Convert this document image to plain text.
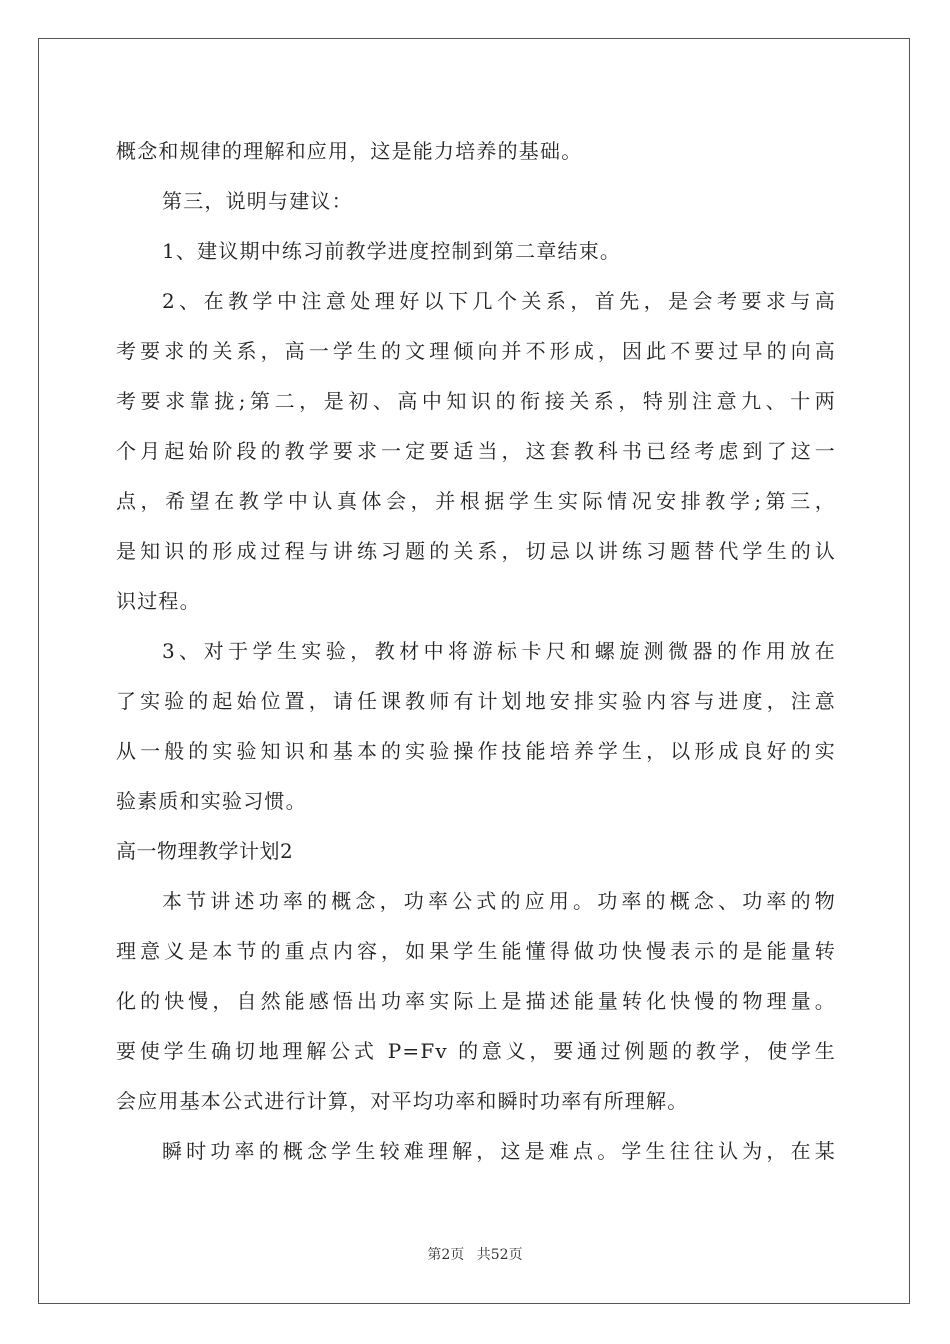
概念和规律的理解和应用，这是能力培养的基础。
第三，说明与建议：
1、建议期中练习前教学进度控制到第二章结束。
2、在教学中注意处理好以下几个关系，首先，是会考要求与高
考要求的关系，高一学生的文理倾向并不形成，因此不要过早的向高
考要求靠拢;第二，是初、高中知识的衔接关系，特别注意九、十两
个月起始阶段的教学要求一定要适当，这套教科书已经考虑到了这一
点，希望在教学中认真体会，并根据学生实际情况安排教学;第三，
是知识的形成过程与讲练习题的关系，切忌以讲练习题替代学生的认
识过程。
3、对于学生实验，教材中将游标卡尺和螺旋测微器的作用放在
了实验的起始位置，请任课教师有计划地安排实验内容与进度，注意
从一般的实验知识和基本的实验操作技能培养学生，以形成良好的实
验素质和实验习惯。
高一物理教学计划2
本节讲述功率的概念，功率公式的应用。功率的概念、功率的物
理意义是本节的重点内容，如果学生能懂得做功快慢表示的是能量转
化的快慢，自然能感悟出功率实际上是描述能量转化快慢的物理量。
要使学生确切地理解公式 P=Fv 的意义，要通过例题的教学，使学生
会应用基本公式进行计算，对平均功率和瞬时功率有所理解。
瞬时功率的概念学生较难理解，这是难点。学生往往认为，在某
第2页 共52页
